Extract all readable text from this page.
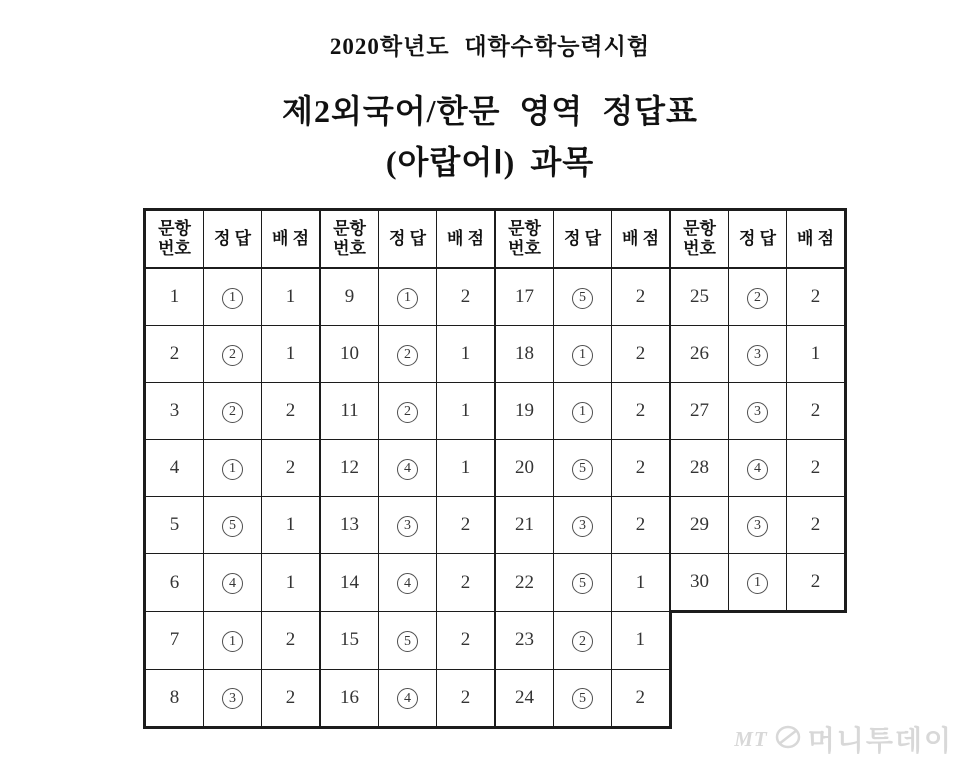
2020학년도 대학수학능력시험
제2외국어/한문 영역 정답표
(아랍어Ⅰ) 과목
문항
번호	정 답	배 점	문항
번호	정 답	배 점	문항
번호	정 답	배 점	문항
번호	정 답	배 점
1	1	1	9	1	2	17	5	2	25	2	2
2	2	1	10	2	1	18	1	2	26	3	1
3	2	2	11	2	1	19	1	2	27	3	2
4	1	2	12	4	1	20	5	2	28	4	2
5	5	1	13	3	2	21	3	2	29	3	2
6	4	1	14	4	2	22	5	1	30	1	2
7	1	2	15	5	2	23	2	1			
8	3	2	16	4	2	24	5	2			
MT 머니투데이
